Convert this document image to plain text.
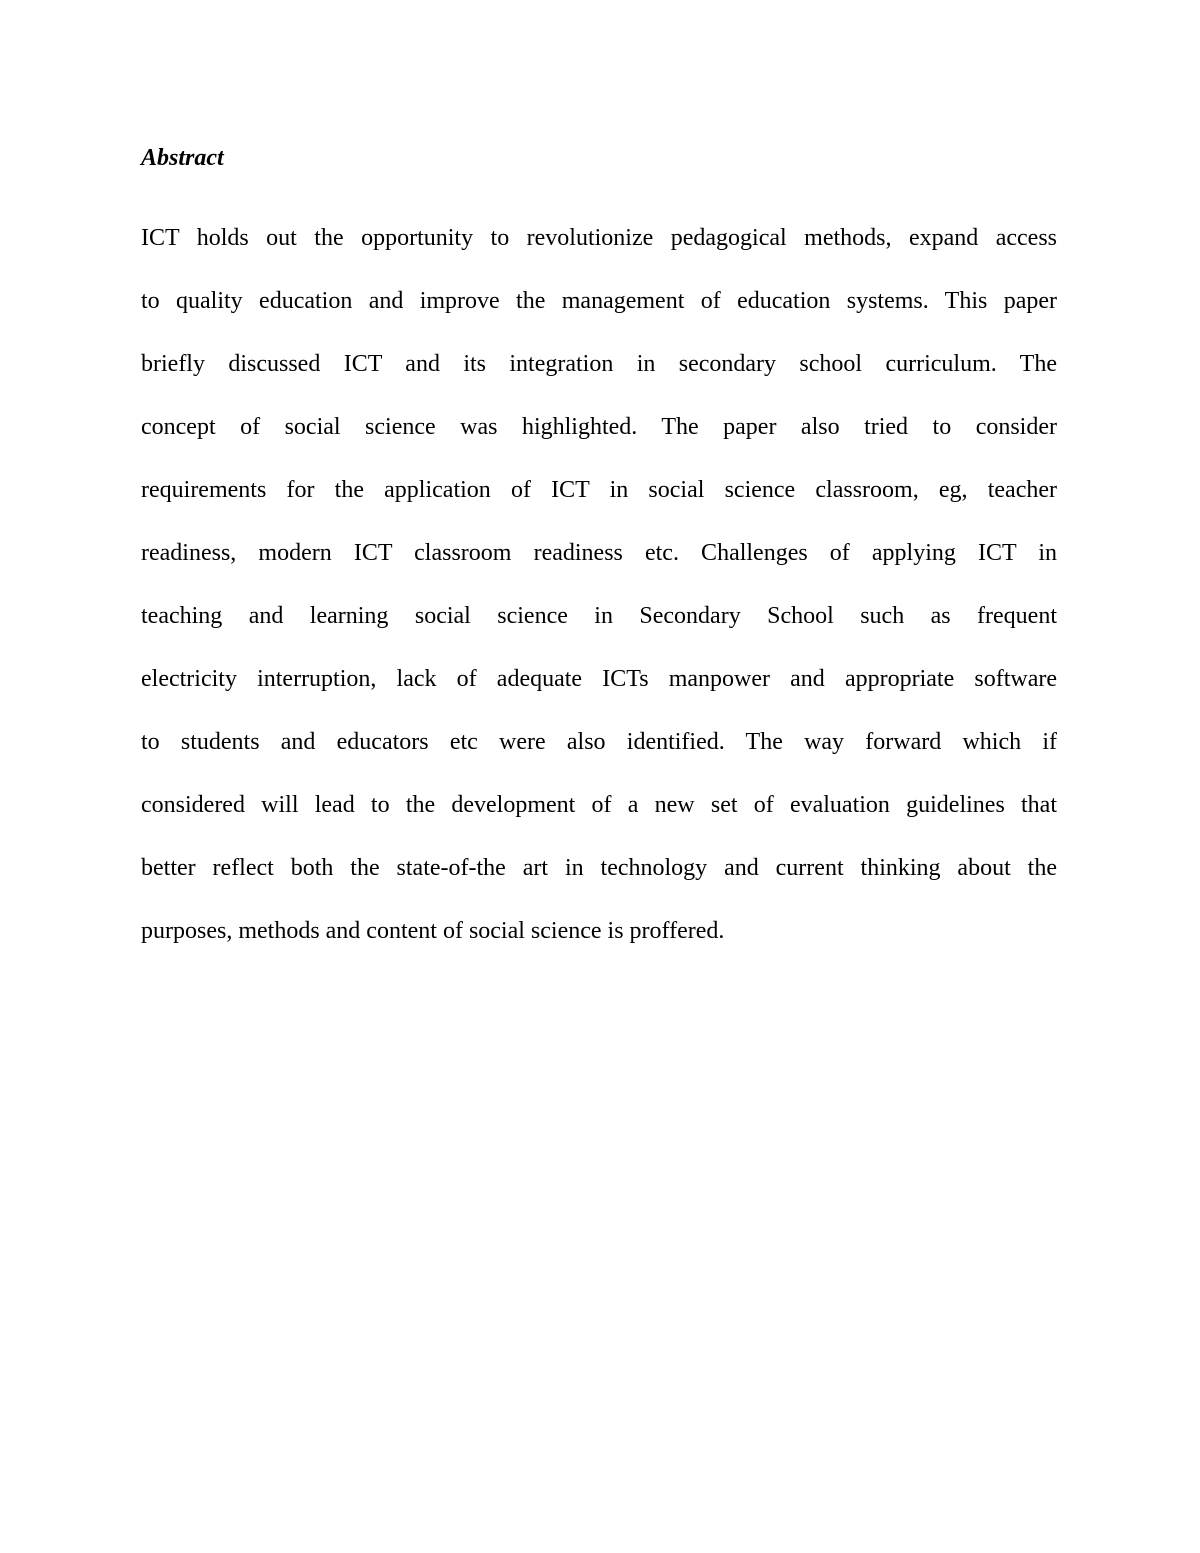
Abstract
ICT holds out the opportunity to revolutionize pedagogical methods, expand access
to quality education and improve the management of education systems. This paper
briefly discussed ICT and its integration in secondary school curriculum. The
concept of social science was highlighted. The paper also tried to consider
requirements for the application of ICT in social science classroom, eg, teacher
readiness, modern ICT classroom readiness etc. Challenges of applying ICT in
teaching and learning social science in Secondary School such as frequent
electricity interruption, lack of adequate ICTs manpower and appropriate software
to students and educators etc were also identified. The way forward which if
considered will lead to the development of a new set of evaluation guidelines that
better reflect both the state-of-the art in technology and current thinking about the
purposes, methods and content of social science is proffered.
